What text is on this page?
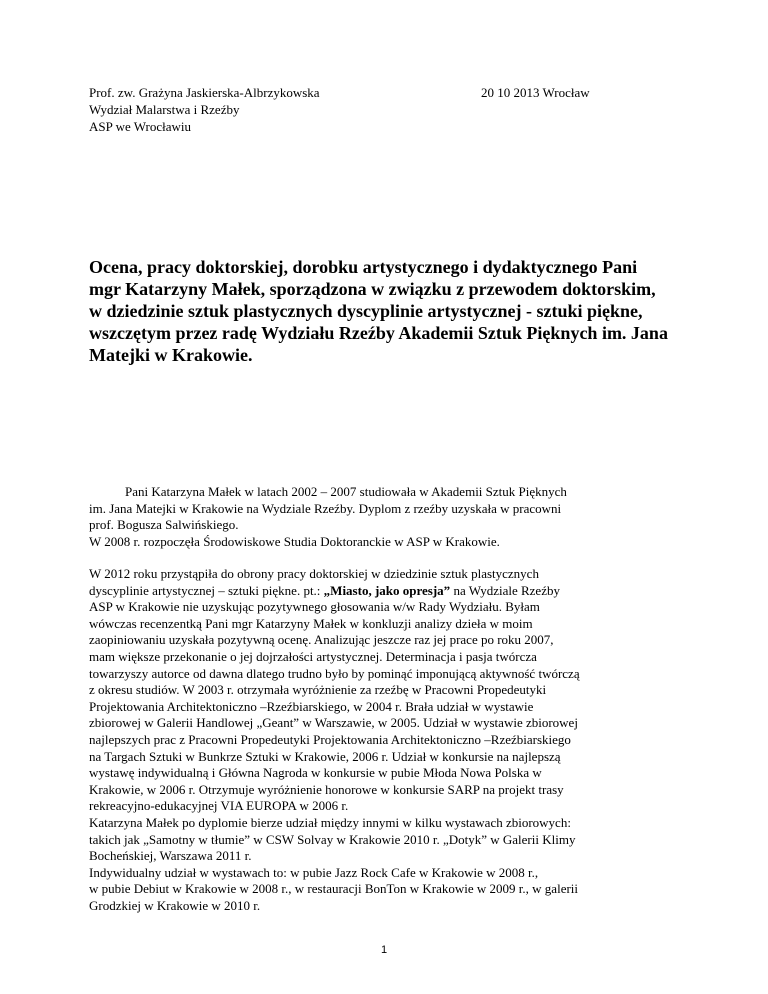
Prof. zw. Grażyna Jaskierska-Albrzykowska
Wydział Malarstwa i Rzeźby
ASP we Wrocławiu
20 10 2013 Wrocław
Ocena, pracy doktorskiej, dorobku artystycznego i dydaktycznego Pani
mgr Katarzyny Małek, sporządzona w związku z przewodem doktorskim,
w dziedzinie sztuk plastycznych dyscyplinie artystycznej - sztuki piękne,
wszczętym przez radę Wydziału Rzeźby Akademii Sztuk Pięknych im. Jana
Matejki w Krakowie.
Pani Katarzyna Małek w latach 2002 – 2007 studiowała w Akademii Sztuk Pięknych
im. Jana Matejki w Krakowie na Wydziale Rzeźby. Dyplom z rzeźby uzyskała w pracowni
prof. Bogusza Salwińskiego.
W 2008 r. rozpoczęła Środowiskowe Studia Doktoranckie w ASP w Krakowie.
W 2012 roku przystąpiła do obrony pracy doktorskiej w dziedzinie sztuk plastycznych
dyscyplinie artystycznej – sztuki piękne. pt.: „Miasto, jako opresja” na Wydziale Rzeźby
ASP w Krakowie nie uzyskując pozytywnego głosowania w/w Rady Wydziału. Byłam
wówczas recenzentką Pani mgr Katarzyny Małek w konkluzji analizy dzieła w moim
zaopiniowaniu uzyskała pozytywną ocenę. Analizując jeszcze raz jej prace po roku 2007,
mam większe przekonanie o jej dojrzałości artystycznej. Determinacja i pasja twórcza
towarzyszy autorce od dawna dlatego trudno było by pominąć imponującą aktywność twórczą
z okresu studiów. W 2003 r. otrzymała wyróżnienie za rzeźbę w Pracowni Propedeutyki
Projektowania Architektoniczno –Rzeźbiarskiego, w 2004 r. Brała udział w wystawie
zbiorowej w Galerii Handlowej „Geant” w Warszawie, w 2005. Udział w wystawie zbiorowej
najlepszych prac z Pracowni Propedeutyki Projektowania Architektoniczno –Rzeźbiarskiego
na Targach Sztuki w Bunkrze Sztuki w Krakowie, 2006 r. Udział w konkursie na najlepszą
wystawę indywidualną i Główna Nagroda w konkursie w pubie Młoda Nowa Polska w
Krakowie, w 2006 r. Otrzymuje wyróżnienie honorowe w konkursie SARP na projekt trasy
rekreacyjno-edukacyjnej VIA EUROPA w 2006 r.
Katarzyna Małek po dyplomie bierze udział między innymi w kilku wystawach zbiorowych:
takich jak „Samotny w tłumie” w CSW Solvay w Krakowie 2010 r. „Dotyk” w Galerii Klimy
Bocheńskiej, Warszawa 2011 r.
Indywidualny udział w wystawach to: w pubie Jazz Rock Cafe w Krakowie w 2008 r.,
w pubie Debiut w Krakowie w 2008 r., w restauracji BonTon w Krakowie w 2009 r., w galerii
Grodzkiej w Krakowie w 2010 r.
1
